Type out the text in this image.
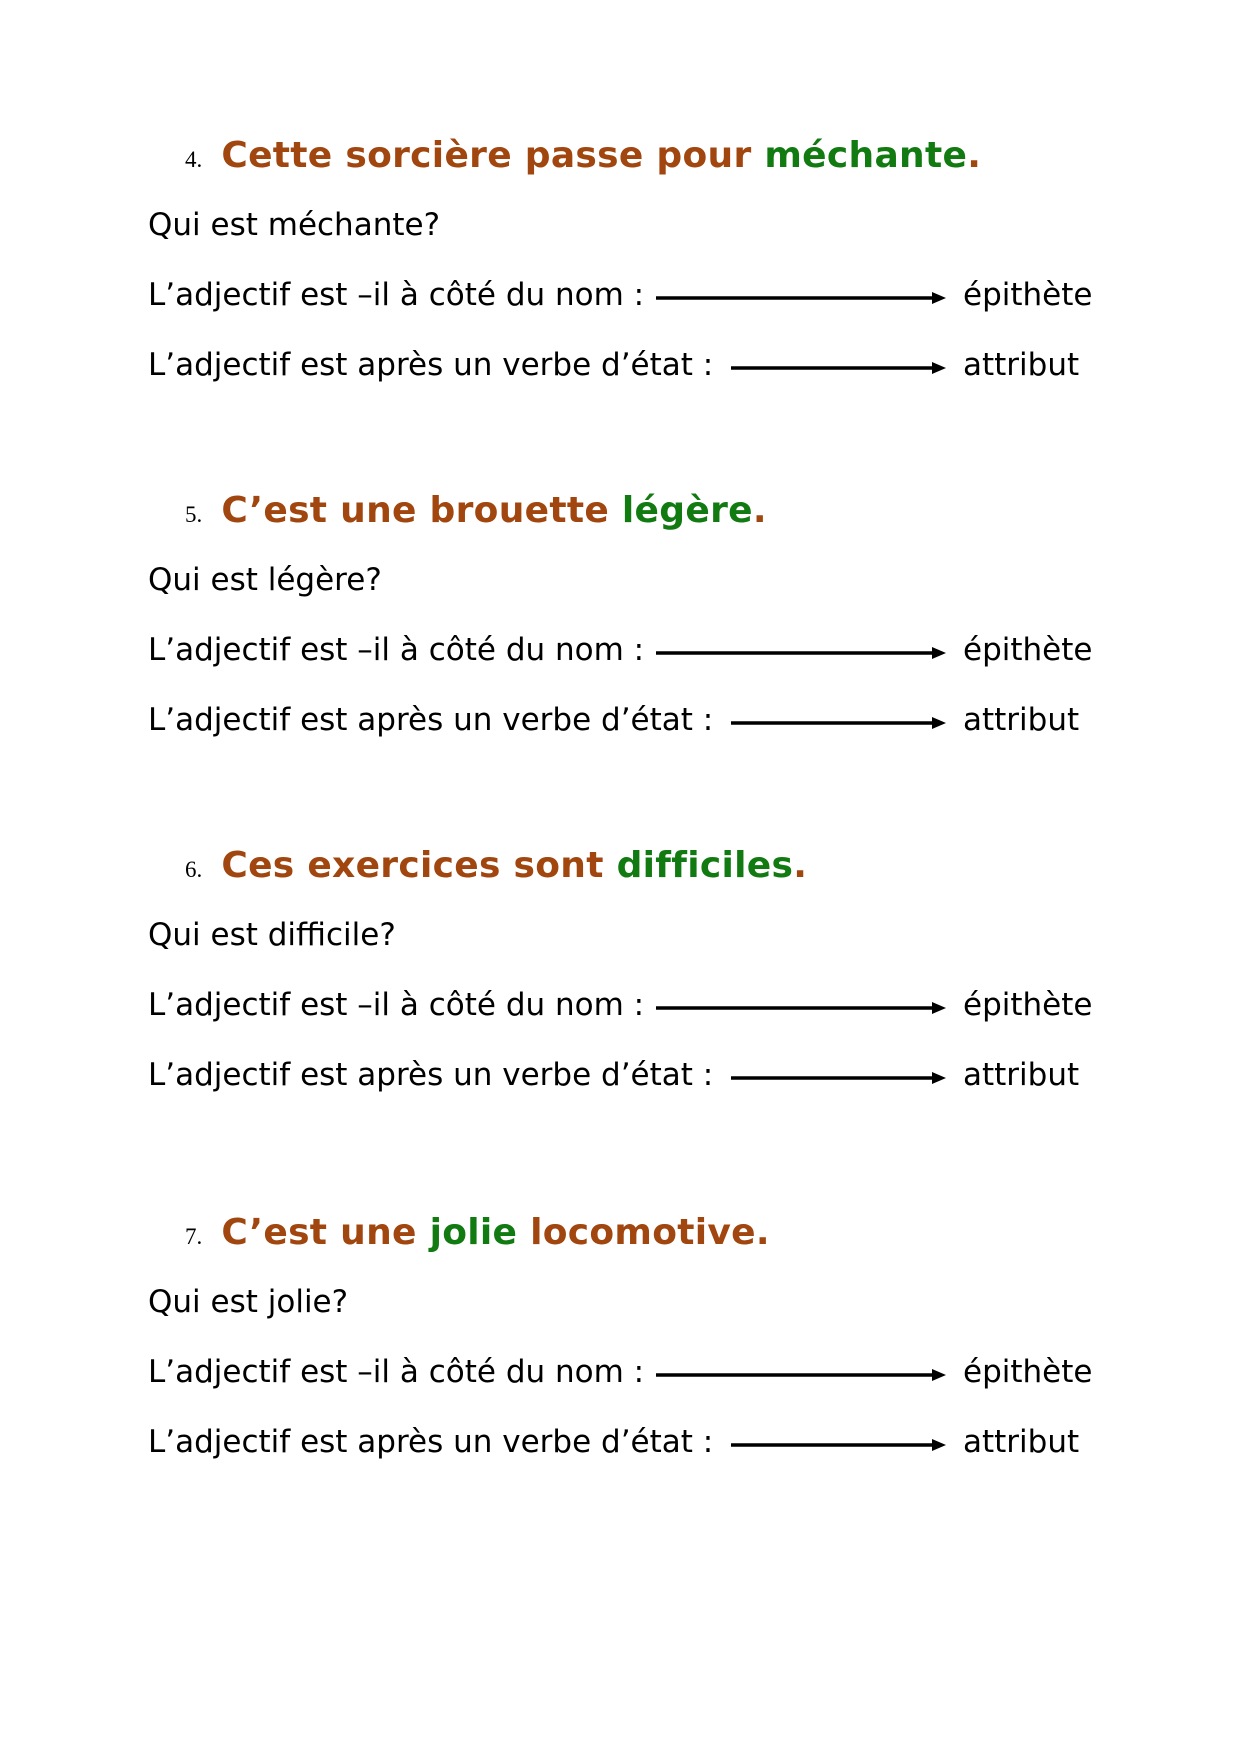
4. Cette sorcière passe pour méchante.
Qui est méchante?
L’adjectif est –il à côté du nom :	épithète
L’adjectif est après un verbe d’état :	attribut
5. C’est une brouette légère.
Qui est légère?
L’adjectif est –il à côté du nom :	épithète
L’adjectif est après un verbe d’état :	attribut
6. Ces exercices sont difficiles.
Qui est difficile?
L’adjectif est –il à côté du nom :	épithète
L’adjectif est après un verbe d’état :	attribut
7. C’est une jolie locomotive.
Qui est jolie?
L’adjectif est –il à côté du nom :	épithète
L’adjectif est après un verbe d’état :	attribut
